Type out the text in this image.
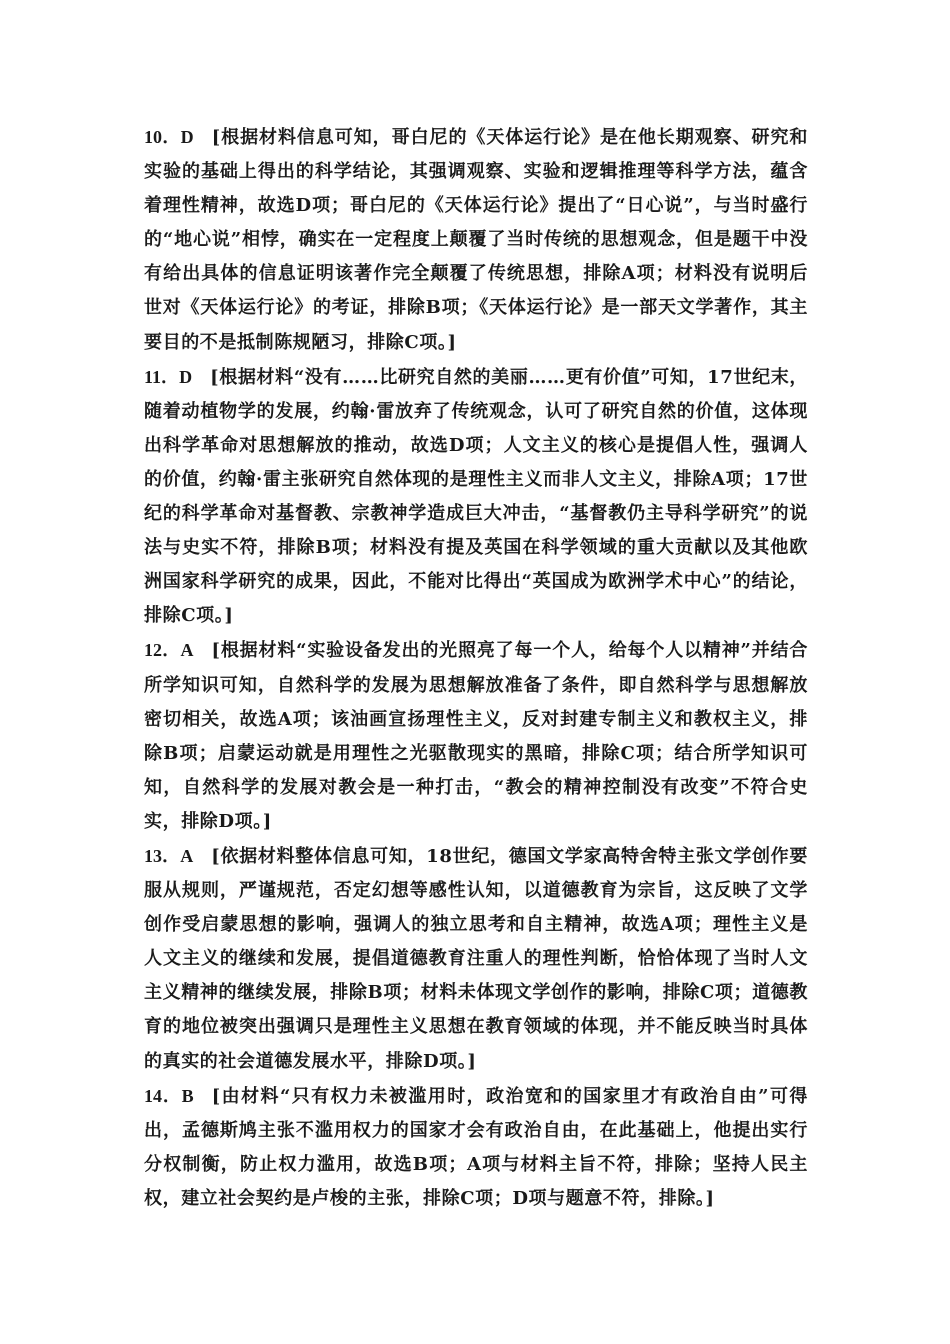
10．D [根据材料信息可知，哥白尼的《天体运行论》是在他长期观察、研究和实验的基础上得出的科学结论，其强调观察、实验和逻辑推理等科学方法，蕴含着理性精神，故选D项；哥白尼的《天体运行论》提出了“日心说”，与当时盛行的“地心说”相悖，确实在一定程度上颠覆了当时传统的思想观念，但是题干中没有给出具体的信息证明该著作完全颠覆了传统思想，排除A项；材料没有说明后世对《天体运行论》的考证，排除B项；《天体运行论》是一部天文学著作，其主要目的不是抵制陈规陋习，排除C项。]

11．D [根据材料“没有……比研究自然的美丽……更有价值”可知，17世纪末，随着动植物学的发展，约翰·雷放弃了传统观念，认可了研究自然的价值，这体现出科学革命对思想解放的推动，故选D项；人文主义的核心是提倡人性，强调人的价值，约翰·雷主张研究自然体现的是理性主义而非人文主义，排除A项；17世纪的科学革命对基督教、宗教神学造成巨大冲击，“基督教仍主导科学研究”的说法与史实不符，排除B项；材料没有提及英国在科学领域的重大贡献以及其他欧洲国家科学研究的成果，因此，不能对比得出“英国成为欧洲学术中心”的结论，排除C项。]

12．A [根据材料“实验设备发出的光照亮了每一个人，给每个人以精神”并结合所学知识可知，自然科学的发展为思想解放准备了条件，即自然科学与思想解放密切相关，故选A项；该油画宣扬理性主义，反对封建专制主义和教权主义，排除B项；启蒙运动就是用理性之光驱散现实的黑暗，排除C项；结合所学知识可知，自然科学的发展对教会是一种打击，“教会的精神控制没有改变”不符合史实，排除D项。]

13．A [依据材料整体信息可知，18世纪，德国文学家高特舍特主张文学创作要服从规则，严谨规范，否定幻想等感性认知，以道德教育为宗旨，这反映了文学创作受启蒙思想的影响，强调人的独立思考和自主精神，故选A项；理性主义是人文主义的继续和发展，提倡道德教育注重人的理性判断，恰恰体现了当时人文主义精神的继续发展，排除B项；材料未体现文学创作的影响，排除C项；道德教育的地位被突出强调只是理性主义思想在教育领域的体现，并不能反映当时具体的真实的社会道德发展水平，排除D项。]

14．B [由材料“只有权力未被滥用时，政治宽和的国家里才有政治自由”可得出，孟德斯鸠主张不滥用权力的国家才会有政治自由，在此基础上，他提出实行分权制衡，防止权力滥用，故选B项；A项与材料主旨不符，排除；坚持人民主权，建立社会契约是卢梭的主张，排除C项；D项与题意不符，排除。]
